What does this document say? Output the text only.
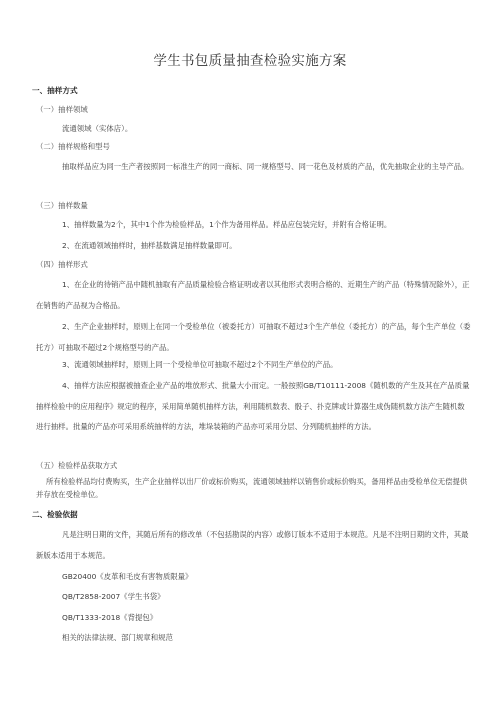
学生书包质量抽查检验实施方案
一、抽样方式
（一）抽样领域
流通领域（实体店）。
（二）抽样规格和型号
抽取样品应为同一生产者按照同一标准生产的同一商标、同一规格型号、同一花色及材质的产品，优先抽取企业的主导产品。
（三）抽样数量
1、抽样数量为2个，其中1个作为检验样品，1个作为备用样品。样品应包装完好，并附有合格证明。
2、在流通领域抽样时，抽样基数满足抽样数量即可。
（四）抽样形式
1、在企业的待销产品中随机抽取有产品质量检验合格证明或者以其他形式表明合格的、近期生产的产品（特殊情况除外），正在销售的产品视为合格品。
2、生产企业抽样时，原则上在同一个受检单位（被委托方）可抽取不超过3个生产单位（委托方）的产品，每个生产单位（委托方）可抽取不超过2个规格型号的产品。
3、流通领域抽样时，原则上同一个受检单位可抽取不超过2个不同生产单位的产品。
4、抽样方法应根据被抽查企业产品的堆放形式、批量大小而定。一般按照GB/T10111-2008《随机数的产生及其在产品质量抽样检验中的应用程序》规定的程序，采用简单随机抽样方法，利用随机数表、骰子、扑克牌或计算器生成伪随机数方法产生随机数进行抽样。批量的产品亦可采用系统抽样的方法，堆垛装箱的产品亦可采用分层、分列随机抽样的方法。
（五）检验样品获取方式
所有检验样品均付费购买，生产企业抽样以出厂价或标价购买，流通领域抽样以销售价或标价购买，备用样品由受检单位无偿提供并存放在受检单位。
二、检验依据
凡是注明日期的文件，其随后所有的修改单（不包括勘误的内容）或修订版本不适用于本规范。凡是不注明日期的文件，其最新版本适用于本规范。
GB20400《皮革和毛皮有害物质限量》
QB/T2858-2007《学生书袋》
QB/T1333-2018《背提包》
相关的法律法规、部门规章和规范
